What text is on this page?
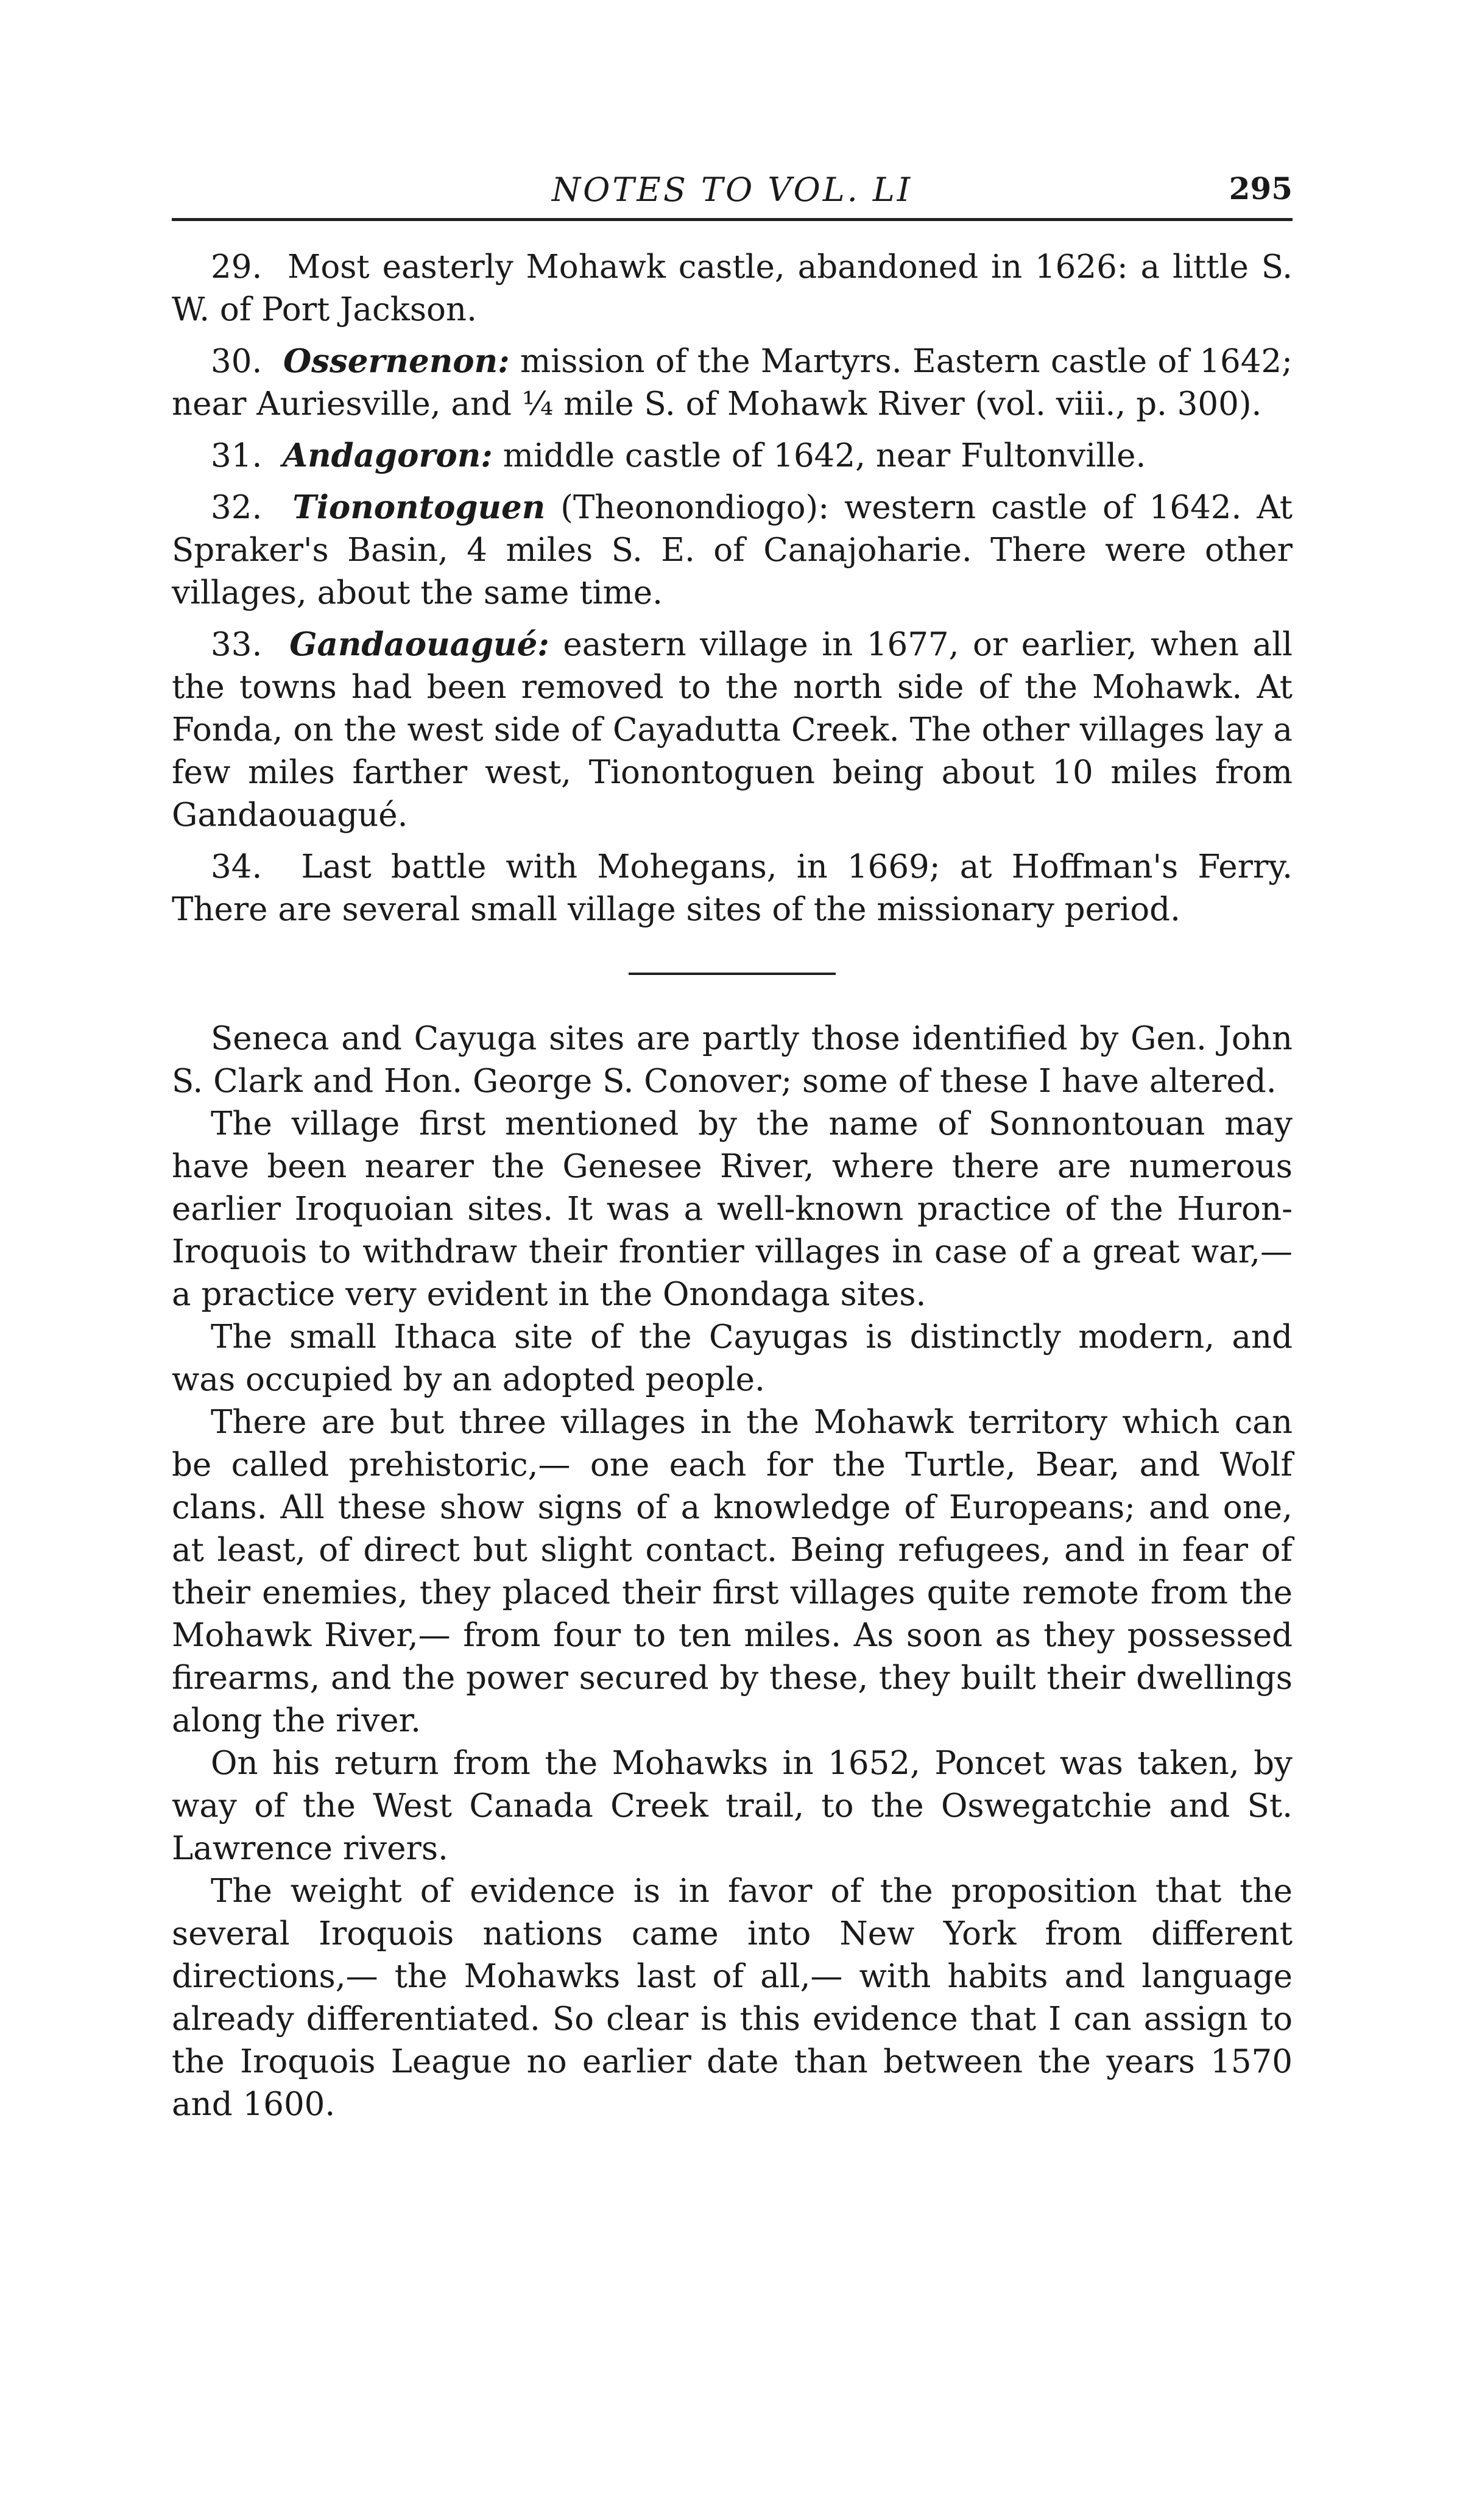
NOTES TO VOL. LI	295

29. Most easterly Mohawk castle, abandoned in 1626: a little S. W. of Port Jackson.

30. Ossernenon: mission of the Martyrs. Eastern castle of 1642; near Auriesville, and ¼ mile S. of Mohawk River (vol. viii., p. 300).

31. Andagoron: middle castle of 1642, near Fultonville.

32. Tionontoguen (Theonondiogo): western castle of 1642. At Spraker's Basin, 4 miles S. E. of Canajoharie. There were other villages, about the same time.

33. Gandaouagué: eastern village in 1677, or earlier, when all the towns had been removed to the north side of the Mohawk. At Fonda, on the west side of Cayadutta Creek. The other villages lay a few miles farther west, Tionontoguen being about 10 miles from Gandaouagué.

34. Last battle with Mohegans, in 1669; at Hoffman's Ferry. There are several small village sites of the missionary period.

Seneca and Cayuga sites are partly those identified by Gen. John S. Clark and Hon. George S. Conover; some of these I have altered.

The village first mentioned by the name of Sonnontouan may have been nearer the Genesee River, where there are numerous earlier Iroquoian sites. It was a well-known practice of the Huron-Iroquois to withdraw their frontier villages in case of a great war,— a practice very evident in the Onondaga sites.

The small Ithaca site of the Cayugas is distinctly modern, and was occupied by an adopted people.

There are but three villages in the Mohawk territory which can be called prehistoric,— one each for the Turtle, Bear, and Wolf clans. All these show signs of a knowledge of Europeans; and one, at least, of direct but slight contact. Being refugees, and in fear of their enemies, they placed their first villages quite remote from the Mohawk River,— from four to ten miles. As soon as they possessed firearms, and the power secured by these, they built their dwellings along the river.

On his return from the Mohawks in 1652, Poncet was taken, by way of the West Canada Creek trail, to the Oswegatchie and St. Lawrence rivers.

The weight of evidence is in favor of the proposition that the several Iroquois nations came into New York from different directions,— the Mohawks last of all,— with habits and language already differentiated. So clear is this evidence that I can assign to the Iroquois League no earlier date than between the years 1570 and 1600.
